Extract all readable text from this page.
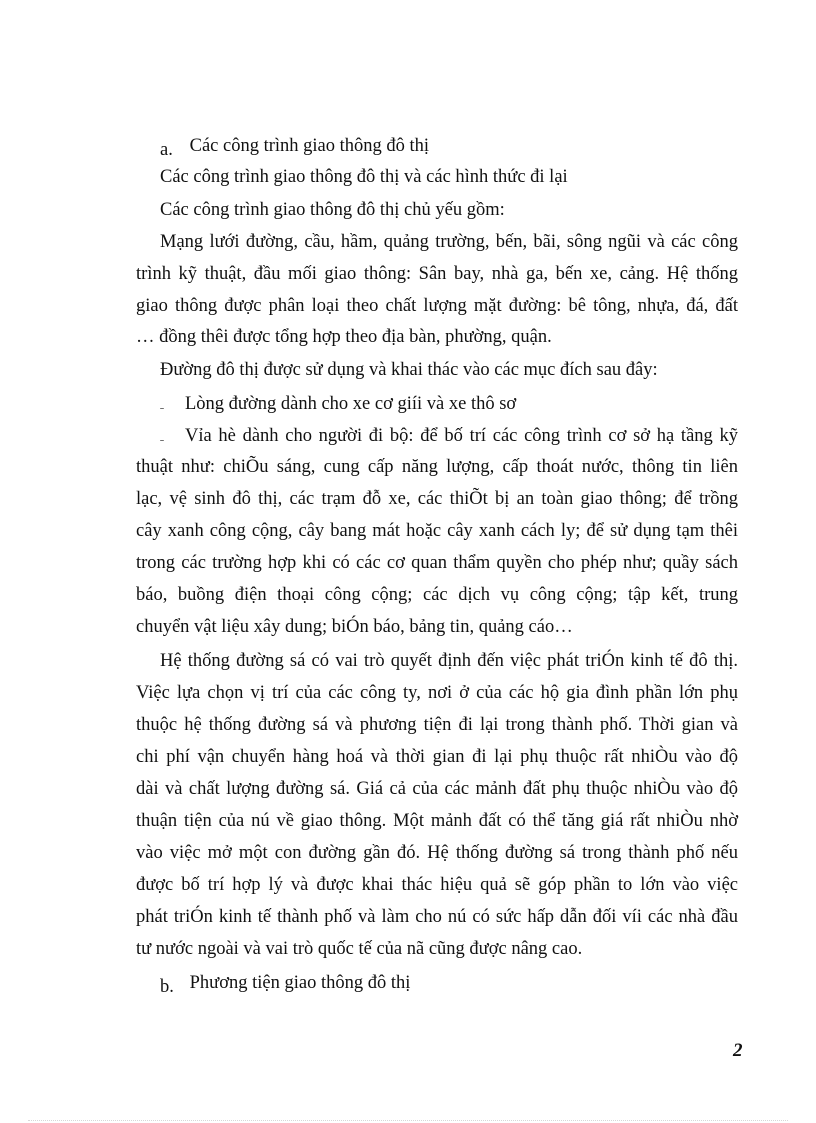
a. Các công trình giao thông đô thị
Các công trình giao thông đô thị và các hình thức đi lại
Các công trình giao thông đô thị chủ yếu gồm:
Mạng lưới đường, cầu, hầm, quảng trường, bến, bãi, sông ngũi và các công
trình kỹ thuật, đầu mối giao thông: Sân bay, nhà ga, bến xe, cảng. Hệ thống
giao thông được phân loại theo chất lượng mặt đường: bê tông, nhựa, đá, đất
… đồng thêi được tổng hợp theo địa bàn, phường, quận.
Đường đô thị được sử dụng và khai thác vào các mục đích sau đây:
ˍ Lòng đường dành cho xe cơ giíi và xe thô sơ
ˍ Vỉa hè dành cho người đi bộ: để bố trí các công trình cơ sở hạ tầng kỹ
thuật như: chiÕu sáng, cung cấp năng lượng, cấp thoát nước, thông tin liên
lạc, vệ sinh đô thị, các trạm đỗ xe, các thiÕt bị an toàn giao thông; để trồng
cây xanh công cộng, cây bang mát hoặc cây xanh cách ly; để sử dụng tạm thêi
trong các trường hợp khi có các cơ quan thẩm quyền cho phép như; quầy sách
báo, buồng điện thoại công cộng; các dịch vụ công cộng; tập kết, trung
chuyển vật liệu xây dung; biÓn báo, bảng tin, quảng cáo…
Hệ thống đường sá có vai trò quyết định đến việc phát triÓn kinh tế đô thị.
Việc lựa chọn vị trí của các công ty, nơi ở của các hộ gia đình phần lớn phụ
thuộc hệ thống đường sá và phương tiện đi lại trong thành phố. Thời gian và
chi phí vận chuyển hàng hoá và thời gian đi lại phụ thuộc rất nhiÒu vào độ
dài và chất lượng đường sá. Giá cả của các mảnh đất phụ thuộc nhiÒu vào độ
thuận tiện của nú về giao thông. Một mảnh đất có thể tăng giá rất nhiÒu nhờ
vào việc mở một con đường gần đó. Hệ thống đường sá trong thành phố nếu
được bố trí hợp lý và được khai thác hiệu quả sẽ góp phần to lớn vào việc
phát triÓn kinh tế thành phố và làm cho nú có sức hấp dẫn đối víi các nhà đầu
tư nước ngoài và vai trò quốc tế của nã cũng được nâng cao.
b. Phương tiện giao thông đô thị
2
